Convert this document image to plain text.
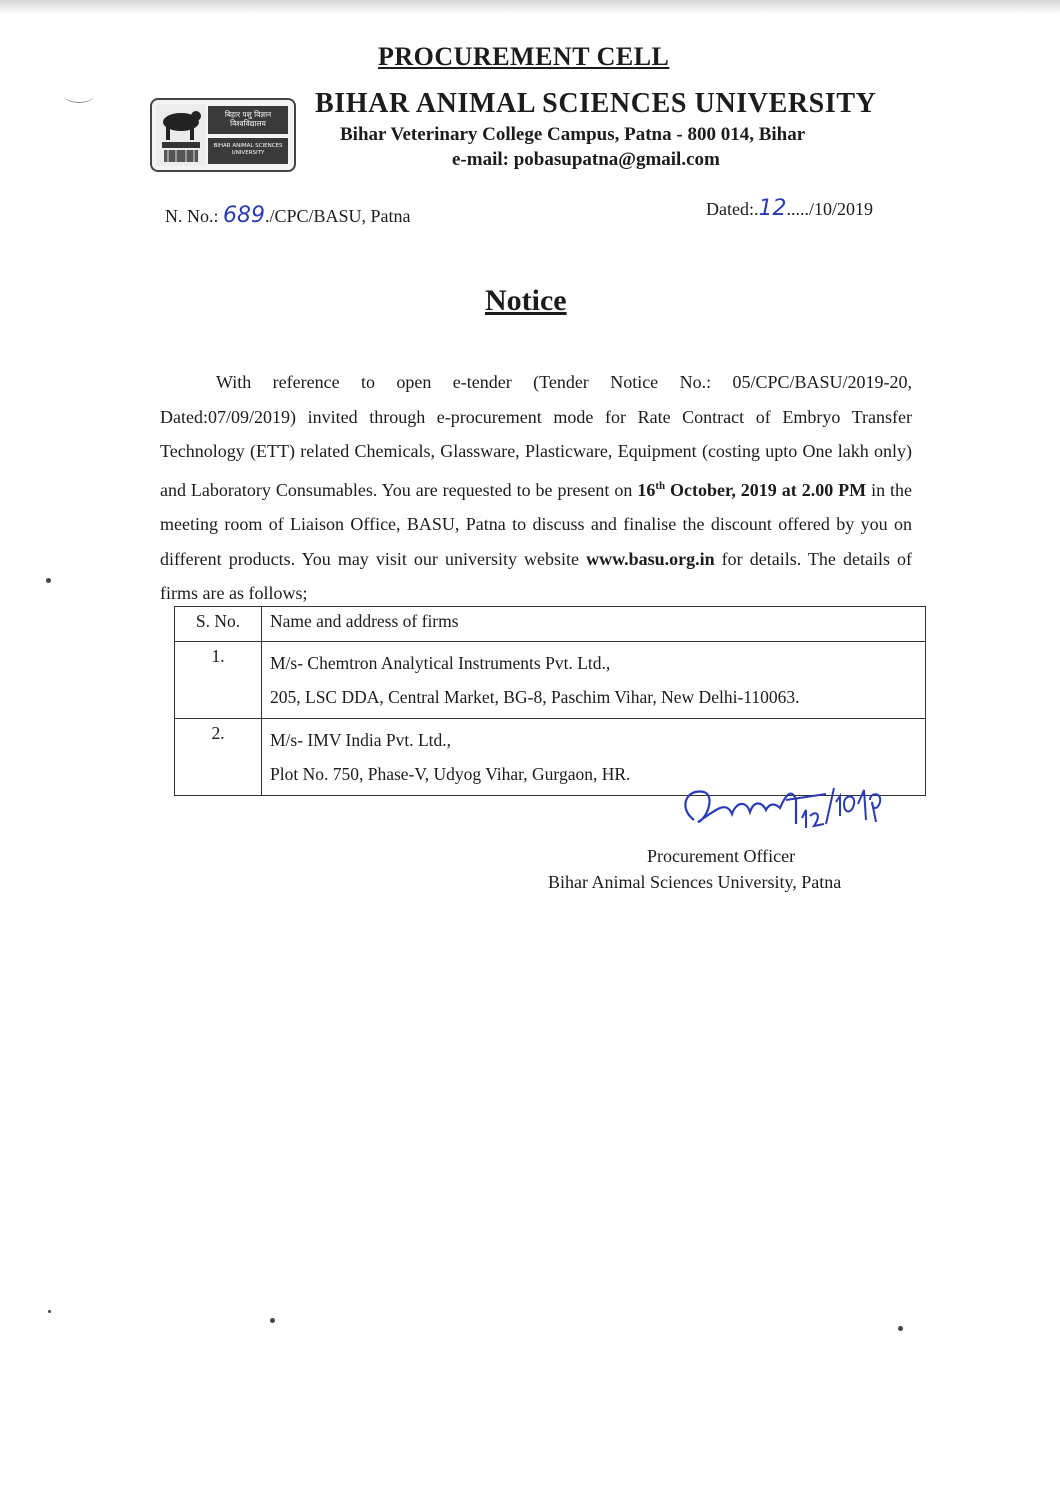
PROCUREMENT CELL
बिहार पशु विज्ञान विश्वविद्यालय
BIHAR ANIMAL SCIENCES UNIVERSITY
BIHAR ANIMAL SCIENCES UNIVERSITY
Bihar Veterinary College Campus, Patna - 800 014, Bihar
e-mail: pobasupatna@gmail.com
N. No.: 689./CPC/BASU, Patna	Dated:.12...../10/2019
Notice
With reference to open e-tender (Tender Notice No.: 05/CPC/BASU/2019-20, Dated:07/09/2019) invited through e-procurement mode for Rate Contract of Embryo Transfer Technology (ETT) related Chemicals, Glassware, Plasticware, Equipment (costing upto One lakh only) and Laboratory Consumables. You are requested to be present on 16th October, 2019 at 2.00 PM in the meeting room of Liaison Office, BASU, Patna to discuss and finalise the discount offered by you on different products. You may visit our university website www.basu.org.in for details. The details of firms are as follows;
S. No.	Name and address of firms
1.	M/s- Chemtron Analytical Instruments Pvt. Ltd.,
205, LSC DDA, Central Market, BG-8, Paschim Vihar, New Delhi-110063.

2.	M/s- IMV India Pvt. Ltd.,
Plot No. 750, Phase-V, Udyog Vihar, Gurgaon, HR.
Procurement Officer
Bihar Animal Sciences University, Patna
